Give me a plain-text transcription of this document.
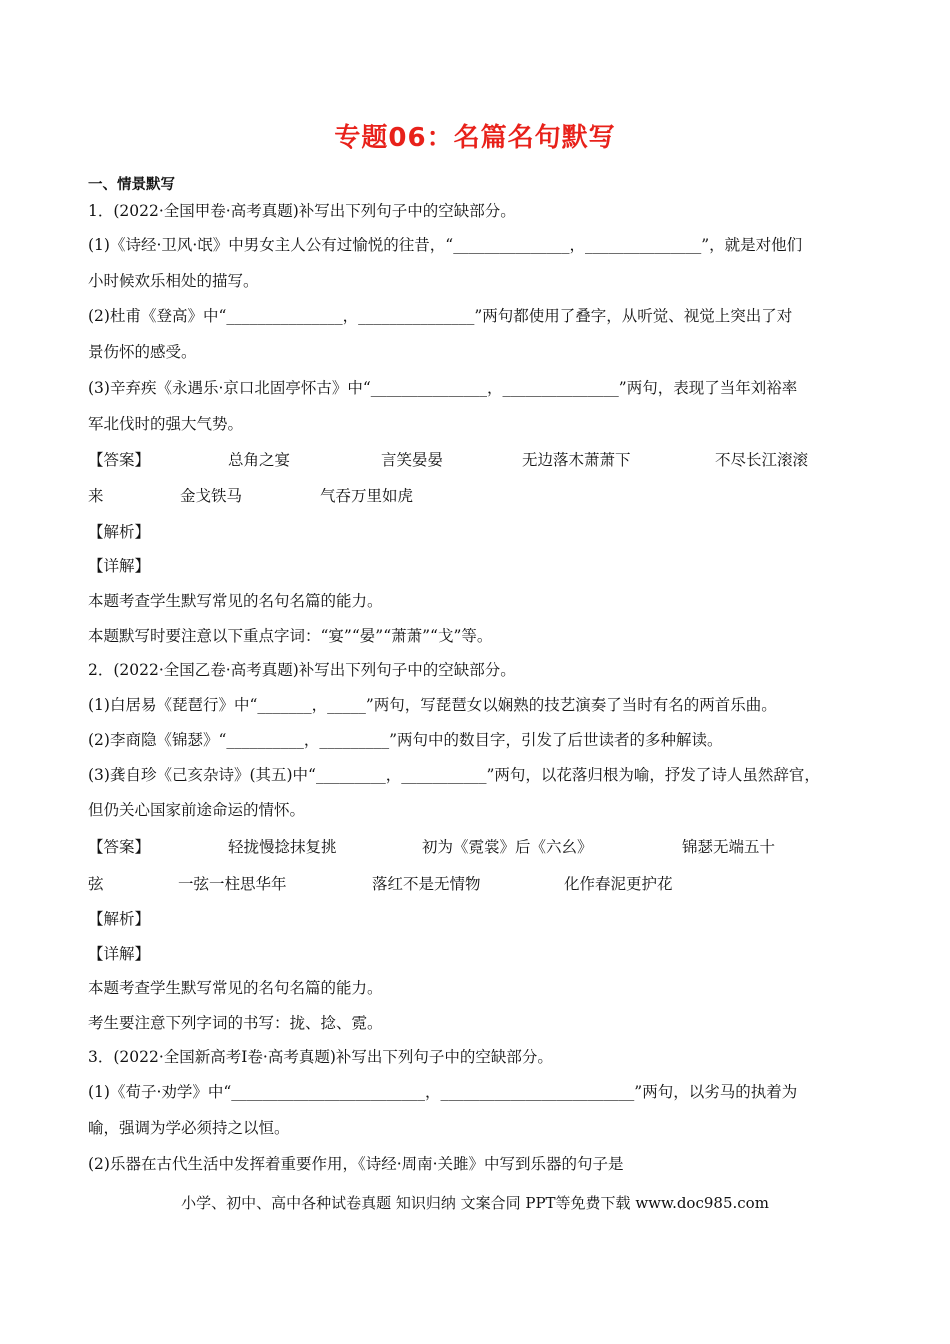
专题06：名篇名句默写
一、情景默写
1．(2022·全国甲卷·高考真题)补写出下列句子中的空缺部分。
(1)《诗经·卫风·氓》中男女主人公有过愉悦的往昔，“_______________，_______________”，就是对他们
小时候欢乐相处的描写。
(2)杜甫《登高》中“_______________，_______________”两句都使用了叠字，从听觉、视觉上突出了对
景伤怀的感受。
(3)辛弃疾《永遇乐·京口北固亭怀古》中“_______________，_______________”两句，表现了当年刘裕率
军北伐时的强大气势。
【答案】	总角之宴	言笑晏晏	无边落木萧萧下	不尽长江滚滚
来	金戈铁马	气吞万里如虎
【解析】
【详解】
本题考查学生默写常见的名句名篇的能力。
本题默写时要注意以下重点字词：“宴”“晏”“萧萧”“戈”等。
2．(2022·全国乙卷·高考真题)补写出下列句子中的空缺部分。
(1)白居易《琵琶行》中“_______，_____”两句，写琵琶女以娴熟的技艺演奏了当时有名的两首乐曲。
(2)李商隐《锦瑟》“__________，_________”两句中的数目字，引发了后世读者的多种解读。
(3)龚自珍《己亥杂诗》(其五)中“_________，___________”两句，以花落归根为喻，抒发了诗人虽然辞官，
但仍关心国家前途命运的情怀。
【答案】	轻拢慢捻抹复挑	初为《霓裳》后《六幺》	锦瑟无端五十
弦	一弦一柱思华年	落红不是无情物	化作春泥更护花
【解析】
【详解】
本题考查学生默写常见的名句名篇的能力。
考生要注意下列字词的书写：拢、捻、霓。
3．(2022·全国新高考I卷·高考真题)补写出下列句子中的空缺部分。
(1)《荀子·劝学》中“_________________________，_________________________”两句，以劣马的执着为
喻，强调为学必须持之以恒。
(2)乐器在古代生活中发挥着重要作用，《诗经·周南·关雎》中写到乐器的句子是
小学、初中、高中各种试卷真题 知识归纳 文案合同 PPT等免费下载 www.doc985.com
